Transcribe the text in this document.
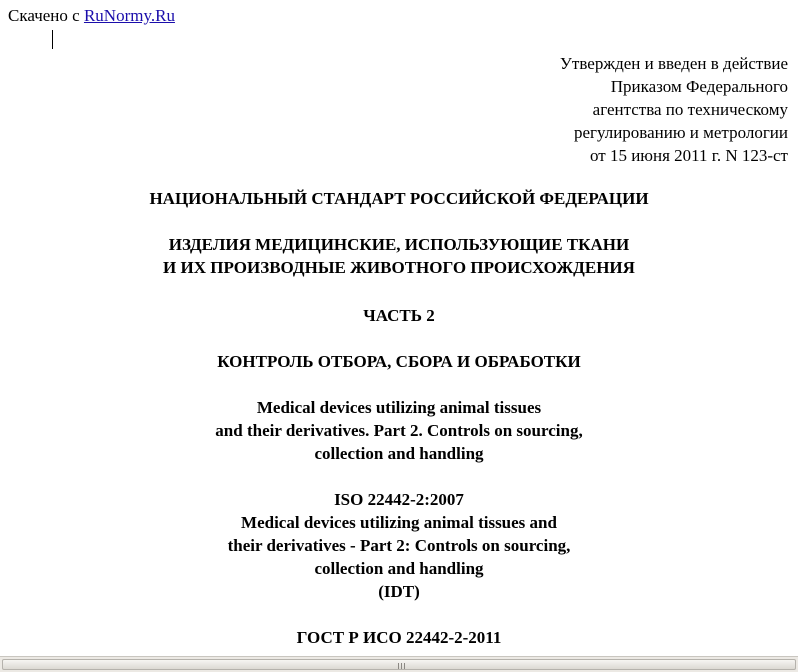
Скачено с RuNormy.Ru
Утвержден и введен в действие
Приказом Федерального
агентства по техническому
регулированию и метрологии
от 15 июня 2011 г. N 123-ст
НАЦИОНАЛЬНЫЙ СТАНДАРТ РОССИЙСКОЙ ФЕДЕРАЦИИ
ИЗДЕЛИЯ МЕДИЦИНСКИЕ, ИСПОЛЬЗУЮЩИЕ ТКАНИ
И ИХ ПРОИЗВОДНЫЕ ЖИВОТНОГО ПРОИСХОЖДЕНИЯ
ЧАСТЬ 2
КОНТРОЛЬ ОТБОРА, СБОРА И ОБРАБОТКИ
Medical devices utilizing animal tissues
and their derivatives. Part 2. Controls on sourcing,
collection and handling
ISO 22442-2:2007
Medical devices utilizing animal tissues and
their derivatives - Part 2: Controls on sourcing,
collection and handling
(IDT)
ГОСТ Р ИСО 22442-2-2011
